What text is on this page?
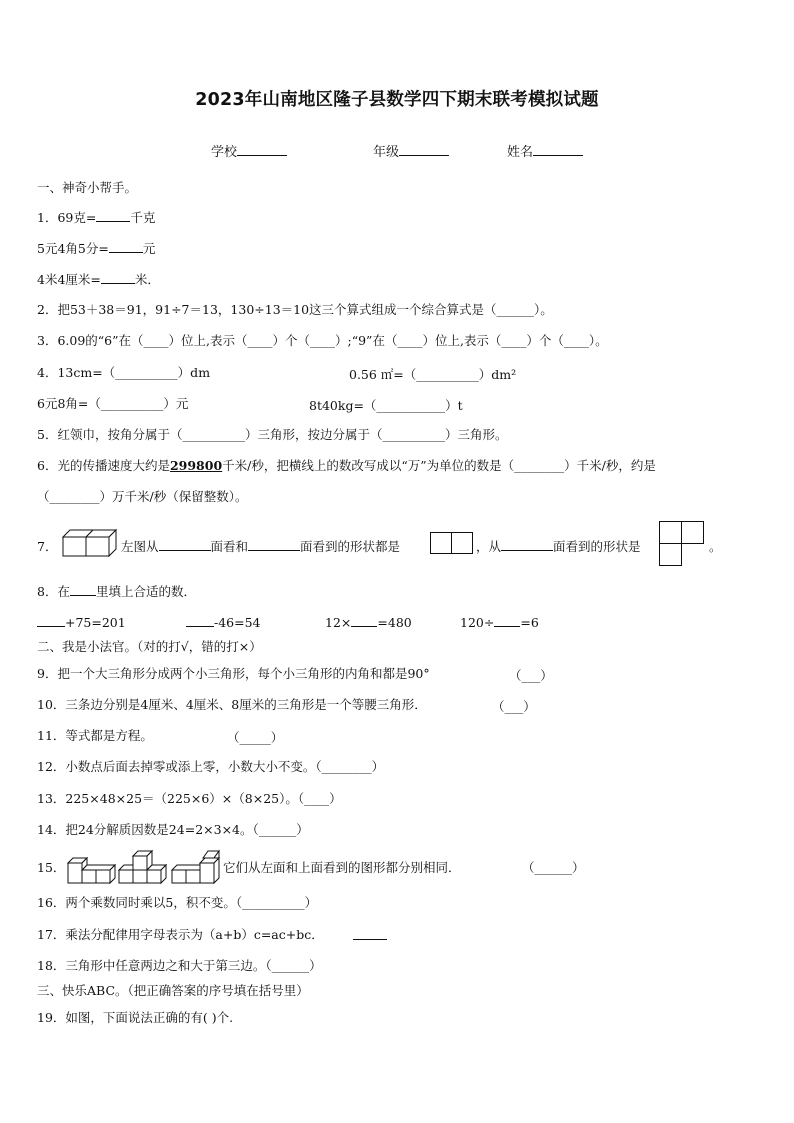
2023年山南地区隆子县数学四下期末联考模拟试题
学校	年级	姓名
一、神奇小帮手。
1．69克=	千克
5元4角5分=	元
4米4厘米=	米．
2．把53＋38＝91，91÷7＝13，130÷13＝10这三个算式组成一个综合算式是（______）。
3．6.09的“6”在（____）位上,表示（____）个（____）;“9”在（____）位上,表示（____）个（____）。
4．13cm=（__________）dm	0.56 ㎡=（__________）dm²
6元8角=（__________）元	8t40kg=（___________）t
5．红领巾，按角分属于（__________）三角形，按边分属于（__________）三角形。
6．光的传播速度大约是299800千米/秒，把横线上的数改写成以“万”为单位的数是（________）千米/秒，约是
（________）万千米/秒（保留整数）。
7．	左图从	面看和	面看到的形状都是	，从	面看到的形状是	。
8．在 里填上合适的数．
+75=201	-46=54	12× =480	120÷ =6
二、我是小法官。（对的打√，错的打×）
9．把一个大三角形分成两个小三角形，每个小三角形的内角和都是90°	（___）
10．三条边分别是4厘米、4厘米、8厘米的三角形是一个等腰三角形．	（___）
11．等式都是方程。	（_____）
12．小数点后面去掉零或添上零，小数大小不变。（________）
13．225×48×25＝（225×6）×（8×25）。（____）
14．把24分解质因数是24=2×3×4。（______）
15．	它们从左面和上面看到的图形都分别相同．	（______）
16．两个乘数同时乘以5，积不变。（__________）
17．乘法分配律用字母表示为（a+b）c=ac+bc．
18．三角形中任意两边之和大于第三边。（______）
三、快乐ABC。（把正确答案的序号填在括号里）
19．如图，下面说法正确的有( )个.
